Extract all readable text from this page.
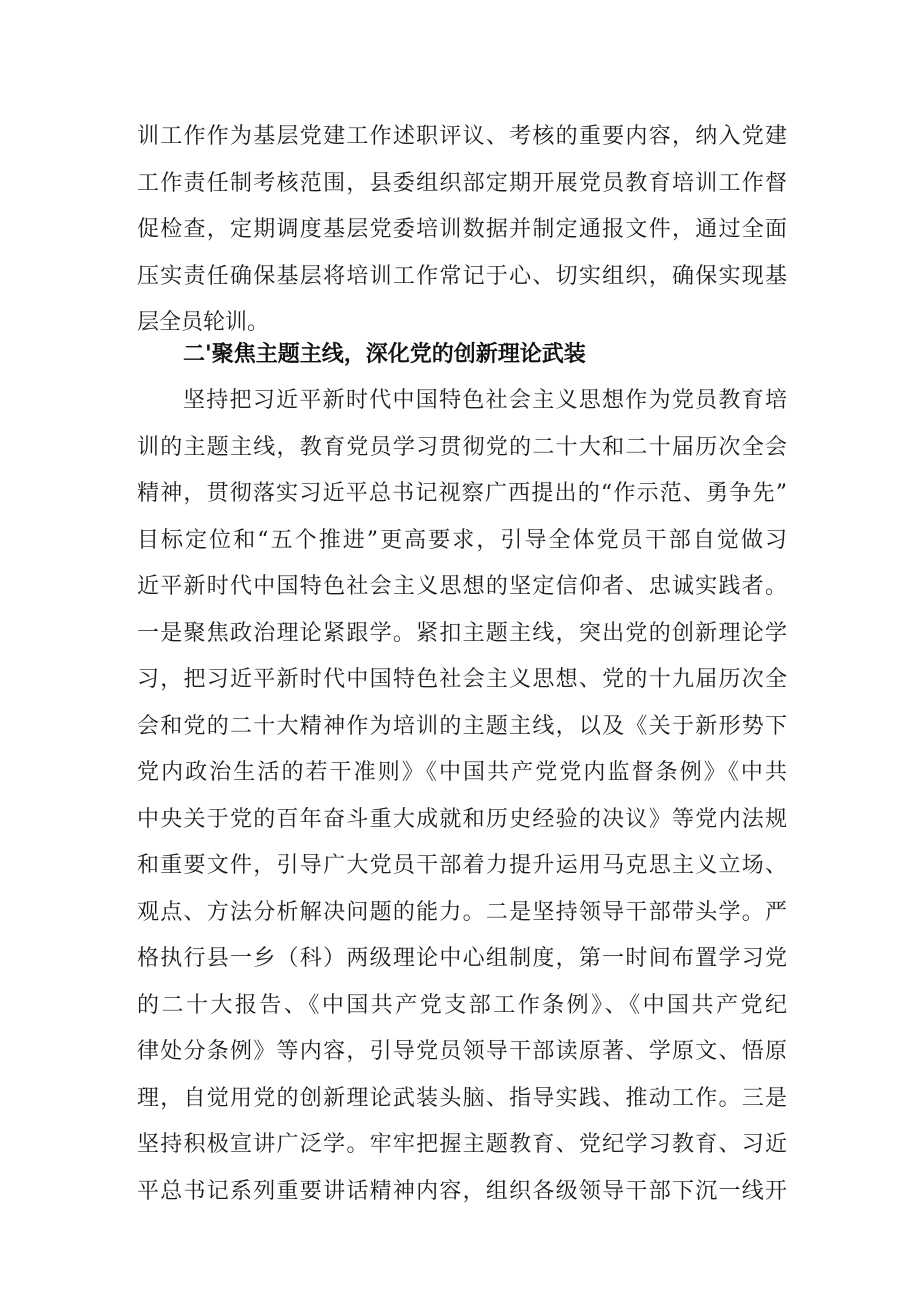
训工作作为基层党建工作述职评议、考核的重要内容，纳入党建
工作责任制考核范围，县委组织部定期开展党员教育培训工作督
促检查，定期调度基层党委培训数据并制定通报文件，通过全面
压实责任确保基层将培训工作常记于心、切实组织，确保实现基
层全员轮训。
二'聚焦主题主线，深化党的创新理论武装
坚持把习近平新时代中国特色社会主义思想作为党员教育培
训的主题主线，教育党员学习贯彻党的二十大和二十届历次全会
精神，贯彻落实习近平总书记视察广西提出的“作示范、勇争先”
目标定位和“五个推进”更高要求，引导全体党员干部自觉做习
近平新时代中国特色社会主义思想的坚定信仰者、忠诚实践者。
一是聚焦政治理论紧跟学。紧扣主题主线，突出党的创新理论学
习，把习近平新时代中国特色社会主义思想、党的十九届历次全
会和党的二十大精神作为培训的主题主线，以及《关于新形势下
党内政治生活的若干准则》《中国共产党党内监督条例》《中共
中央关于党的百年奋斗重大成就和历史经验的决议》等党内法规
和重要文件，引导广大党员干部着力提升运用马克思主义立场、
观点、方法分析解决问题的能力。二是坚持领导干部带头学。严
格执行县一乡（科）两级理论中心组制度，第一时间布置学习党
的二十大报告、《中国共产党支部工作条例》、《中国共产党纪
律处分条例》等内容，引导党员领导干部读原著、学原文、悟原
理，自觉用党的创新理论武装头脑、指导实践、推动工作。三是
坚持积极宣讲广泛学。牢牢把握主题教育、党纪学习教育、习近
平总书记系列重要讲话精神内容，组织各级领导干部下沉一线开
